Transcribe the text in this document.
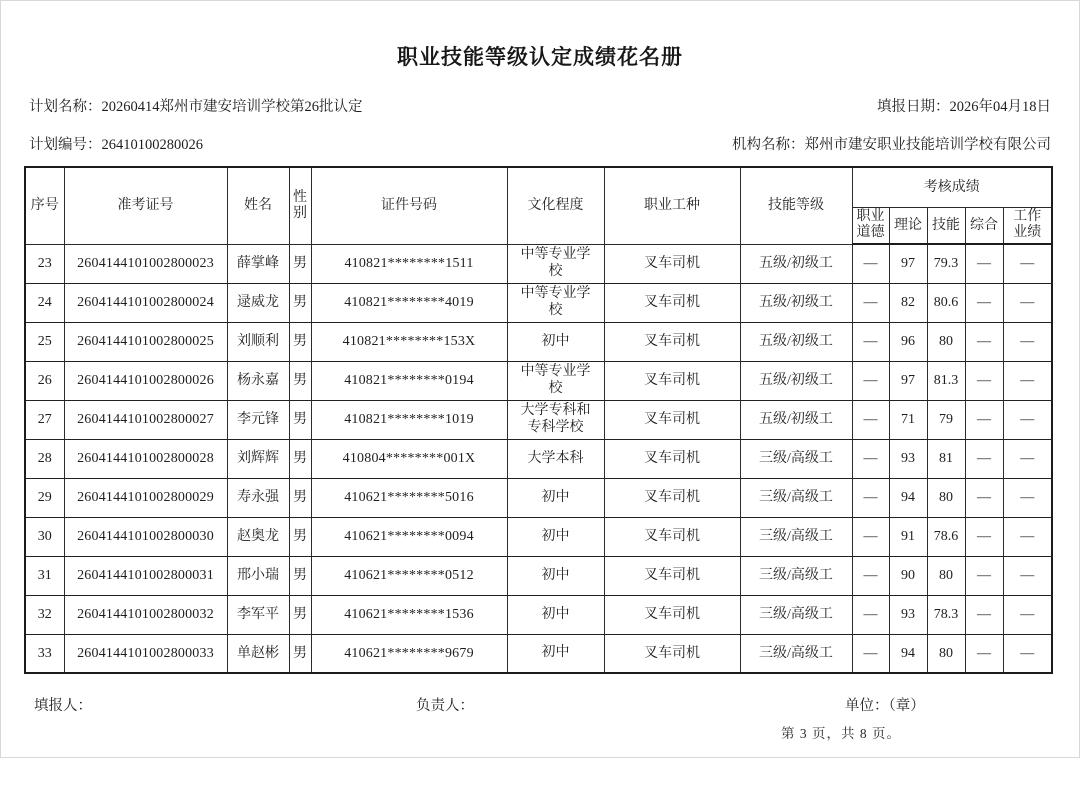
职业技能等级认定成绩花名册
计划名称：20260414郑州市建安培训学校第26批认定	填报日期：2026年04月18日
计划编号：26410100280026	机构名称：郑州市建安职业技能培训学校有限公司
序号	准考证号	姓名	性别	证件号码	文化程度	职业工种	技能等级	考核成绩				
								职业道德	理论	技能	综合	工作业绩
23	2604144101002800023	薛掌峰	男	410821********1511	中等专业学校	叉车司机	五级/初级工	—	97	79.3	—	—
24	2604144101002800024	逯威龙	男	410821********4019	中等专业学校	叉车司机	五级/初级工	—	82	80.6	—	—
25	2604144101002800025	刘顺利	男	410821********153X	初中	叉车司机	五级/初级工	—	96	80	—	—
26	2604144101002800026	杨永嘉	男	410821********0194	中等专业学校	叉车司机	五级/初级工	—	97	81.3	—	—
27	2604144101002800027	李元锋	男	410821********1019	大学专科和专科学校	叉车司机	五级/初级工	—	71	79	—	—
28	2604144101002800028	刘辉辉	男	410804********001X	大学本科	叉车司机	三级/高级工	—	93	81	—	—
29	2604144101002800029	寿永强	男	410621********5016	初中	叉车司机	三级/高级工	—	94	80	—	—
30	2604144101002800030	赵奥龙	男	410621********0094	初中	叉车司机	三级/高级工	—	91	78.6	—	—
31	2604144101002800031	邢小瑞	男	410621********0512	初中	叉车司机	三级/高级工	—	90	80	—	—
32	2604144101002800032	李军平	男	410621********1536	初中	叉车司机	三级/高级工	—	93	78.3	—	—
33	2604144101002800033	单赵彬	男	410621********9679	初中	叉车司机	三级/高级工	—	94	80	—	—
填报人：	负责人：	单位：（章）
第 3 页，共 8 页。
